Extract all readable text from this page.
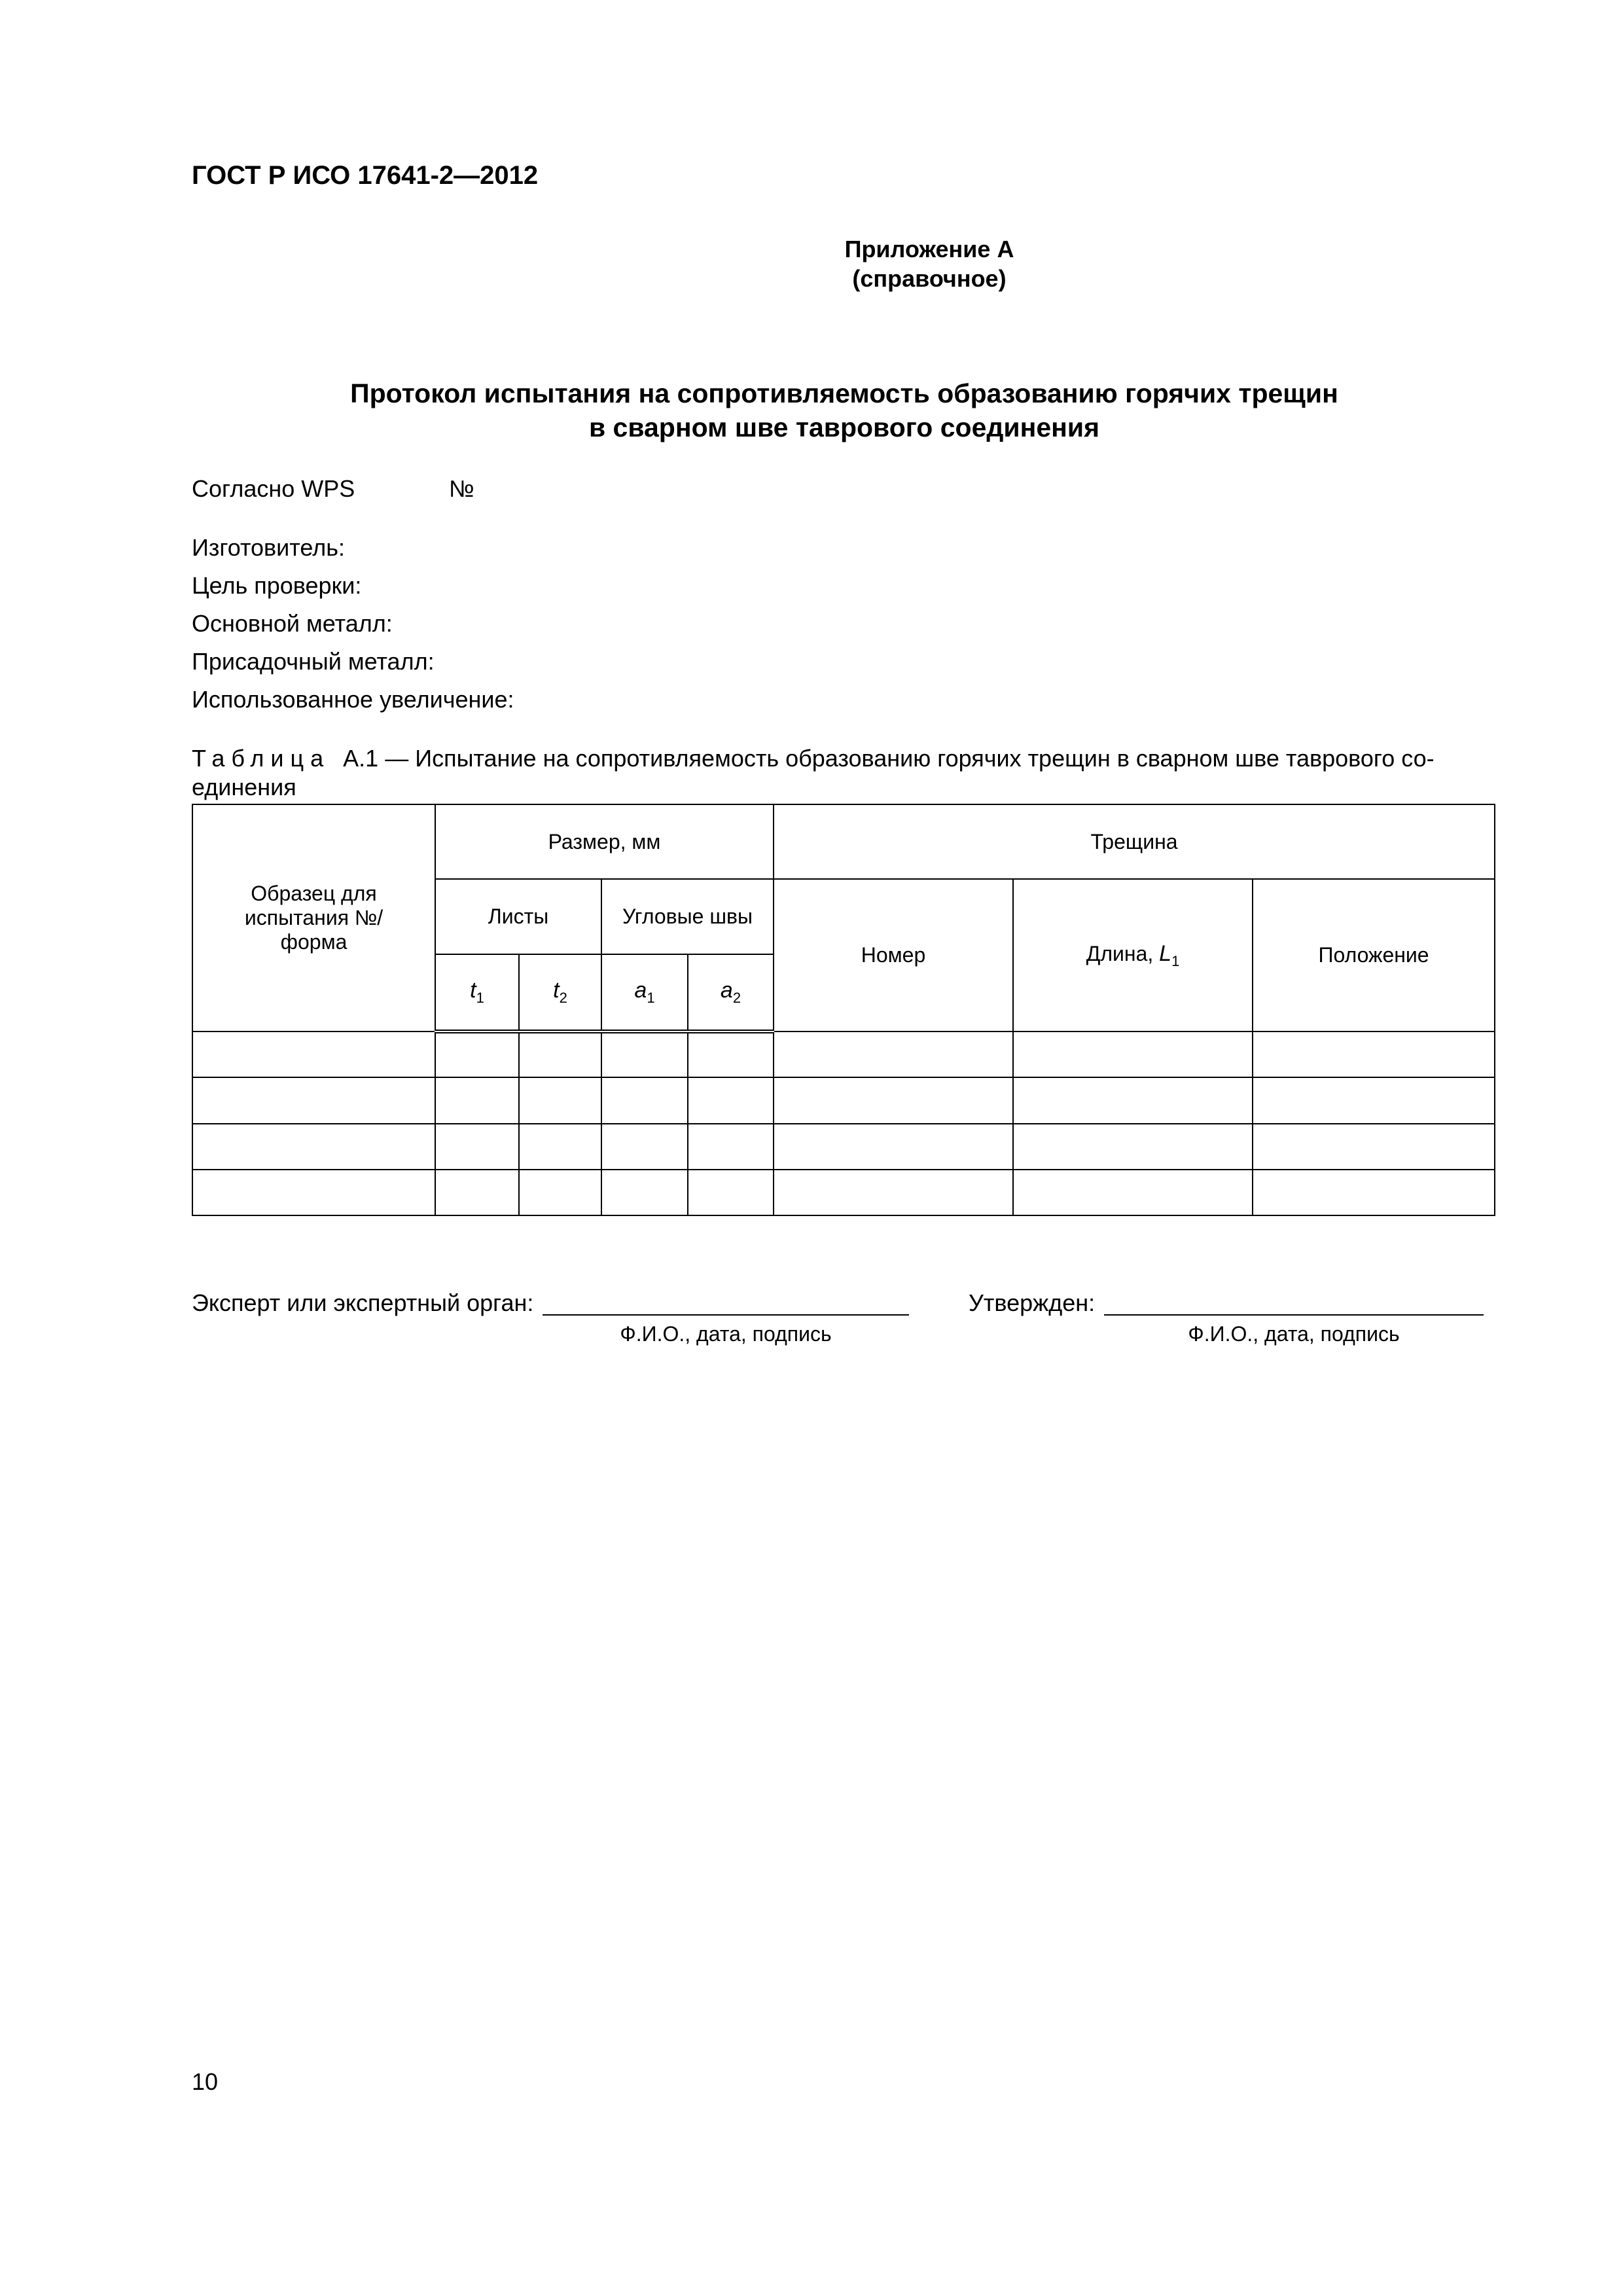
ГОСТ Р ИСО 17641-2—2012
Приложение А
(справочное)
Протокол испытания на сопротивляемость образованию горячих трещин
в сварном шве таврового соединения
Согласно WPS	№
Изготовитель:
Цель проверки:
Основной металл:
Присадочный металл:
Использованное увеличение:
Таблица А.1 — Испытание на сопротивляемость образованию горячих трещин в сварном шве таврового со-единения
Образец для испытания №/форма	Размер, мм				Трещина		
	Листы		Угловые швы		Номер	Длина, $L_1$	Положение
	$t_1$	$t_2$	$a_1$	$a_2$

Эксперт или экспертный орган:
Ф.И.О., дата, подпись
Утвержден:
Ф.И.О., дата, подпись
10
